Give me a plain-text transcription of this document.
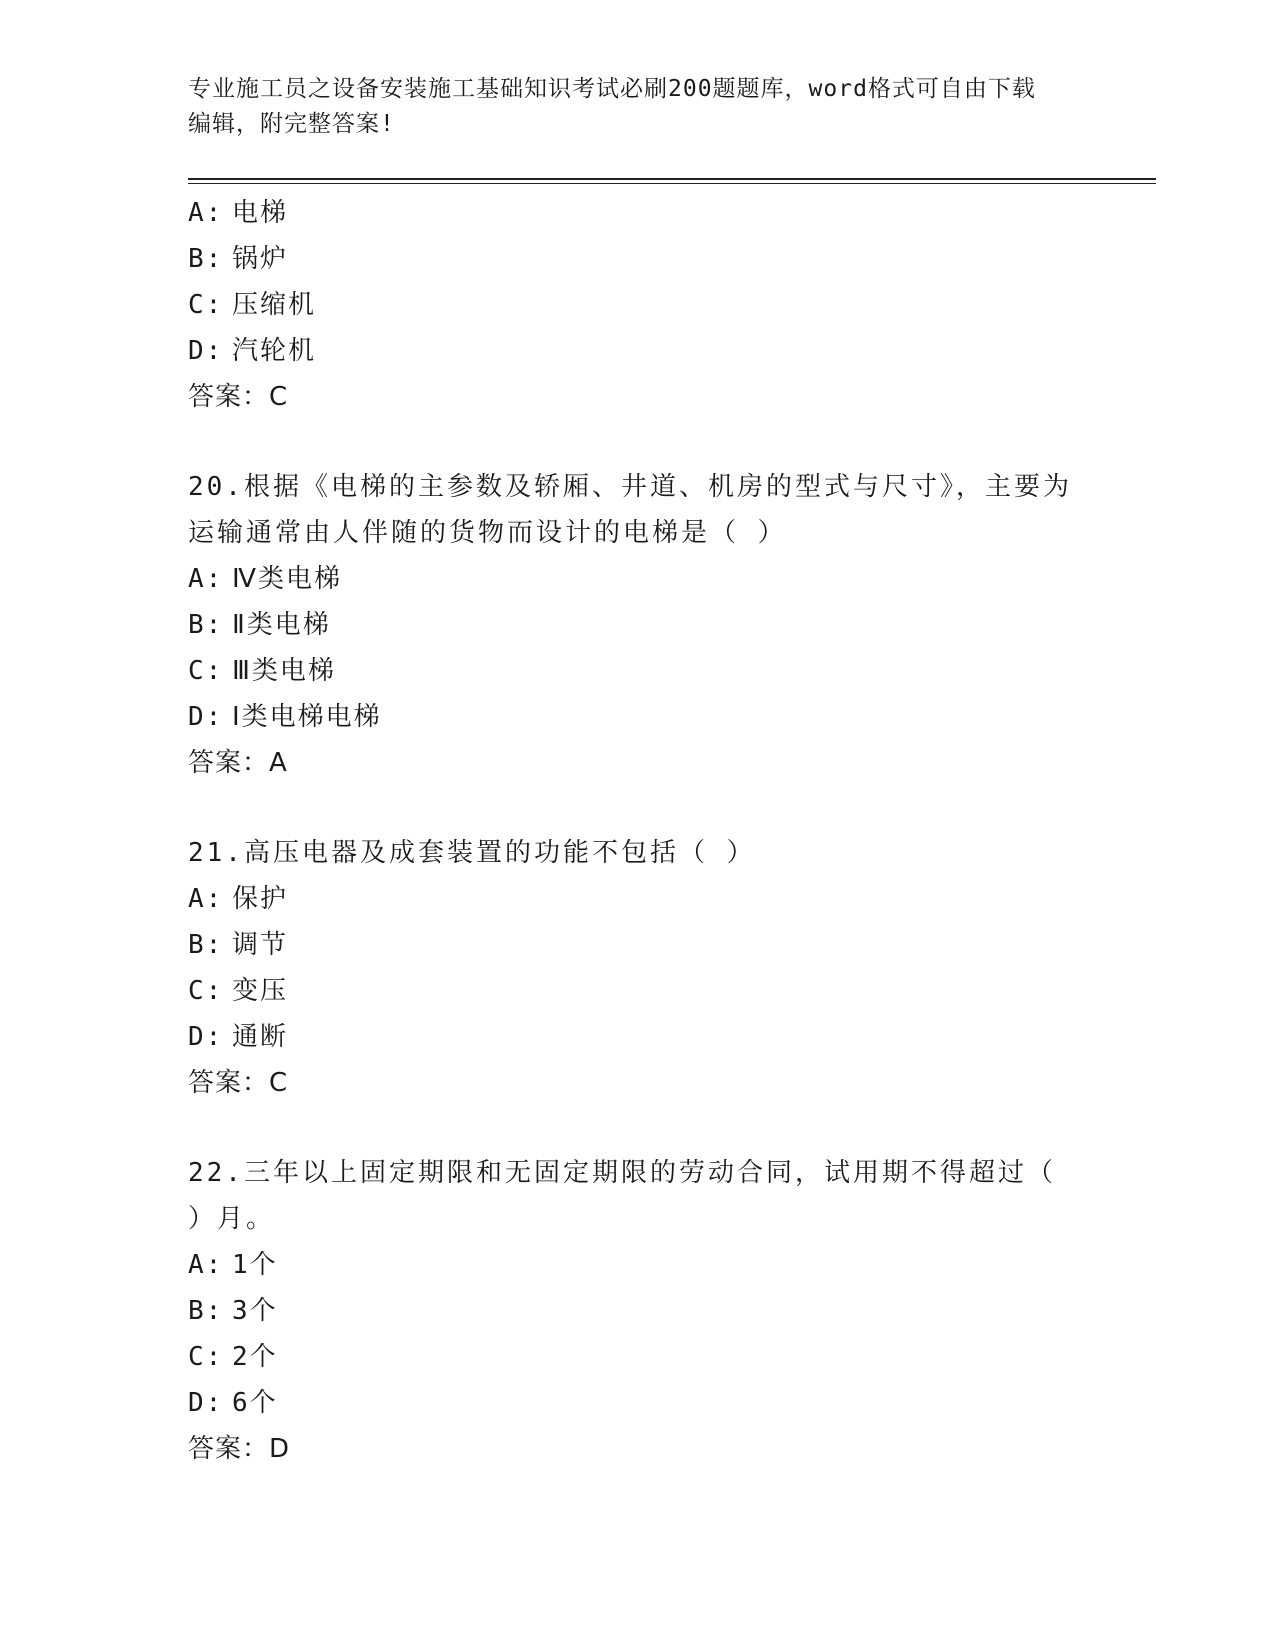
专业施工员之设备安装施工基础知识考试必刷200题题库，word格式可自由下载
编辑，附完整答案!
A: 电梯
B: 锅炉
C: 压缩机
D: 汽轮机
答案：C
20.根据《电梯的主参数及轿厢、井道、机房的型式与尺寸》，主要为
运输通常由人伴随的货物而设计的电梯是（ ）
A: Ⅳ类电梯
B: Ⅱ类电梯
C: Ⅲ类电梯
D: Ⅰ类电梯电梯
答案：A
21.高压电器及成套装置的功能不包括（ ）
A: 保护
B: 调节
C: 变压
D: 通断
答案：C
22.三年以上固定期限和无固定期限的劳动合同，试用期不得超过（
）月。
A: 1个
B: 3个
C: 2个
D: 6个
答案：D
